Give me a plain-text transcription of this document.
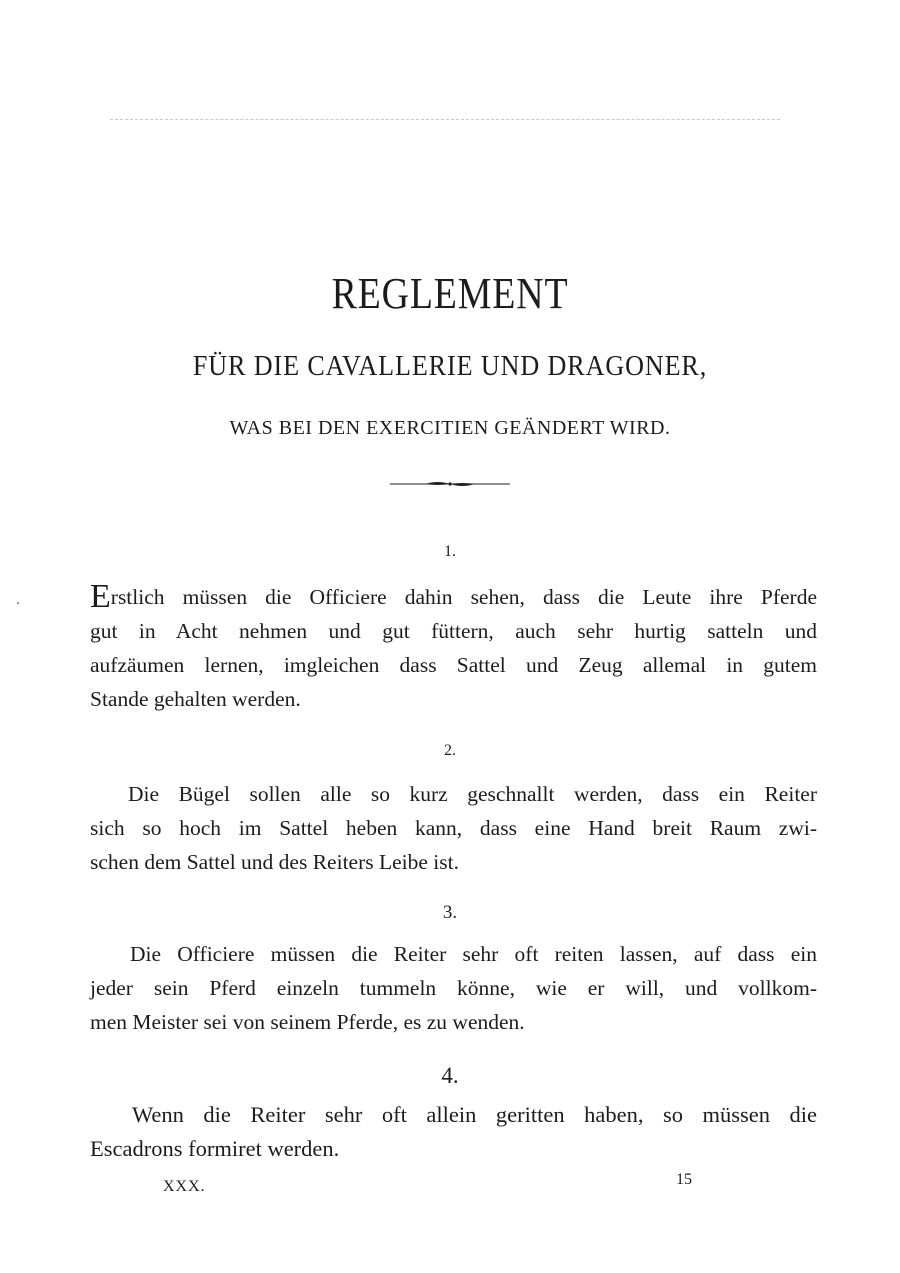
REGLEMENT
FÜR DIE CAVALLERIE UND DRAGONER,
WAS BEI DEN EXERCITIEN GEÄNDERT WIRD.
1.
Erstlich müssen die Officiere dahin sehen, dass die Leute ihre Pferde
gut in Acht nehmen und gut füttern, auch sehr hurtig satteln und
aufzäumen lernen, imgleichen dass Sattel und Zeug allemal in gutem
Stande gehalten werden.
2.
Die Bügel sollen alle so kurz geschnallt werden, dass ein Reiter
sich so hoch im Sattel heben kann, dass eine Hand breit Raum zwi-
schen dem Sattel und des Reiters Leibe ist.
3.
Die Officiere müssen die Reiter sehr oft reiten lassen, auf dass ein
jeder sein Pferd einzeln tummeln könne, wie er will, und vollkom-
men Meister sei von seinem Pferde, es zu wenden.
4.
Wenn die Reiter sehr oft allein geritten haben, so müssen die
Escadrons formiret werden.
XXX.	15
